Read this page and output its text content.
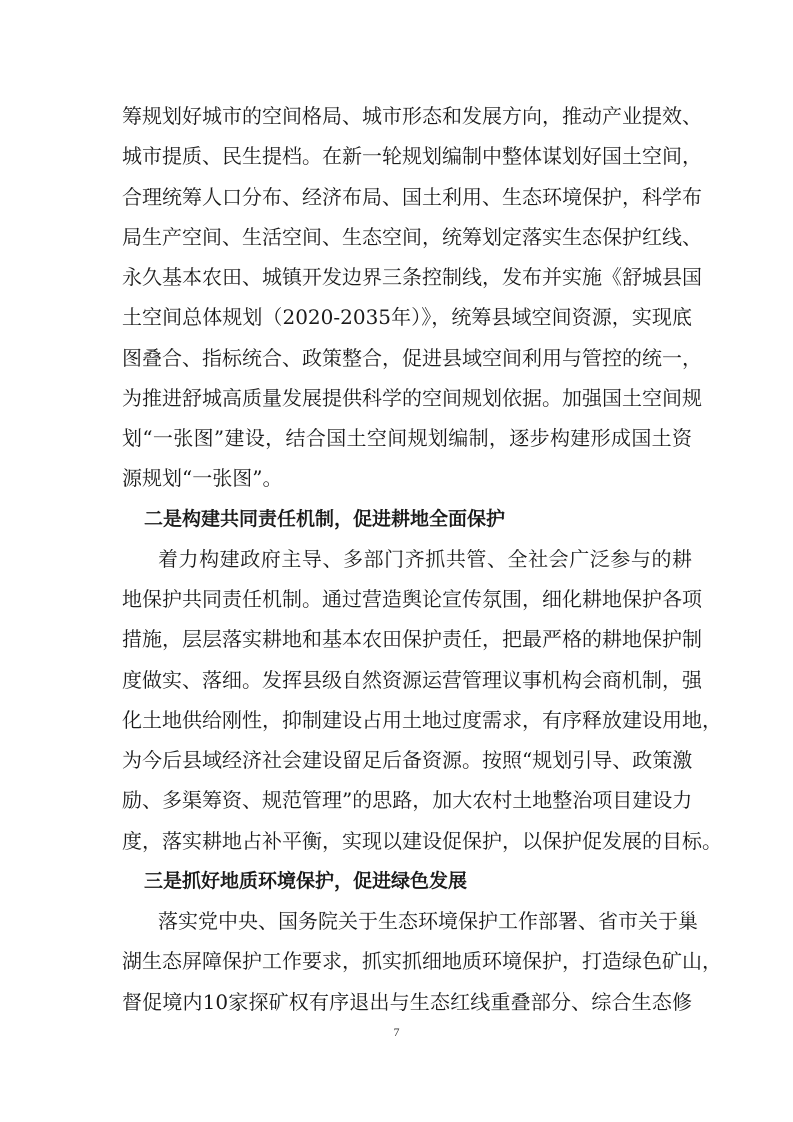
筹规划好城市的空间格局、城市形态和发展方向，推动产业提效、
城市提质、民生提档。在新一轮规划编制中整体谋划好国土空间，
合理统筹人口分布、经济布局、国土利用、生态环境保护，科学布
局生产空间、生活空间、生态空间，统筹划定落实生态保护红线、
永久基本农田、城镇开发边界三条控制线，发布并实施《舒城县国
土空间总体规划（2020-2035年）》，统筹县域空间资源，实现底
图叠合、指标统合、政策整合，促进县域空间利用与管控的统一，
为推进舒城高质量发展提供科学的空间规划依据。加强国土空间规
划“一张图”建设，结合国土空间规划编制，逐步构建形成国土资
源规划“一张图”。
二是构建共同责任机制，促进耕地全面保护
着力构建政府主导、多部门齐抓共管、全社会广泛参与的耕
地保护共同责任机制。通过营造舆论宣传氛围，细化耕地保护各项
措施，层层落实耕地和基本农田保护责任，把最严格的耕地保护制
度做实、落细。发挥县级自然资源运营管理议事机构会商机制，强
化土地供给刚性，抑制建设占用土地过度需求，有序释放建设用地，
为今后县域经济社会建设留足后备资源。按照“规划引导、政策激
励、多渠筹资、规范管理”的思路，加大农村土地整治项目建设力
度，落实耕地占补平衡，实现以建设促保护，以保护促发展的目标。
三是抓好地质环境保护，促进绿色发展
落实党中央、国务院关于生态环境保护工作部署、省市关于巢
湖生态屏障保护工作要求，抓实抓细地质环境保护，打造绿色矿山，
督促境内10家探矿权有序退出与生态红线重叠部分、综合生态修
7
